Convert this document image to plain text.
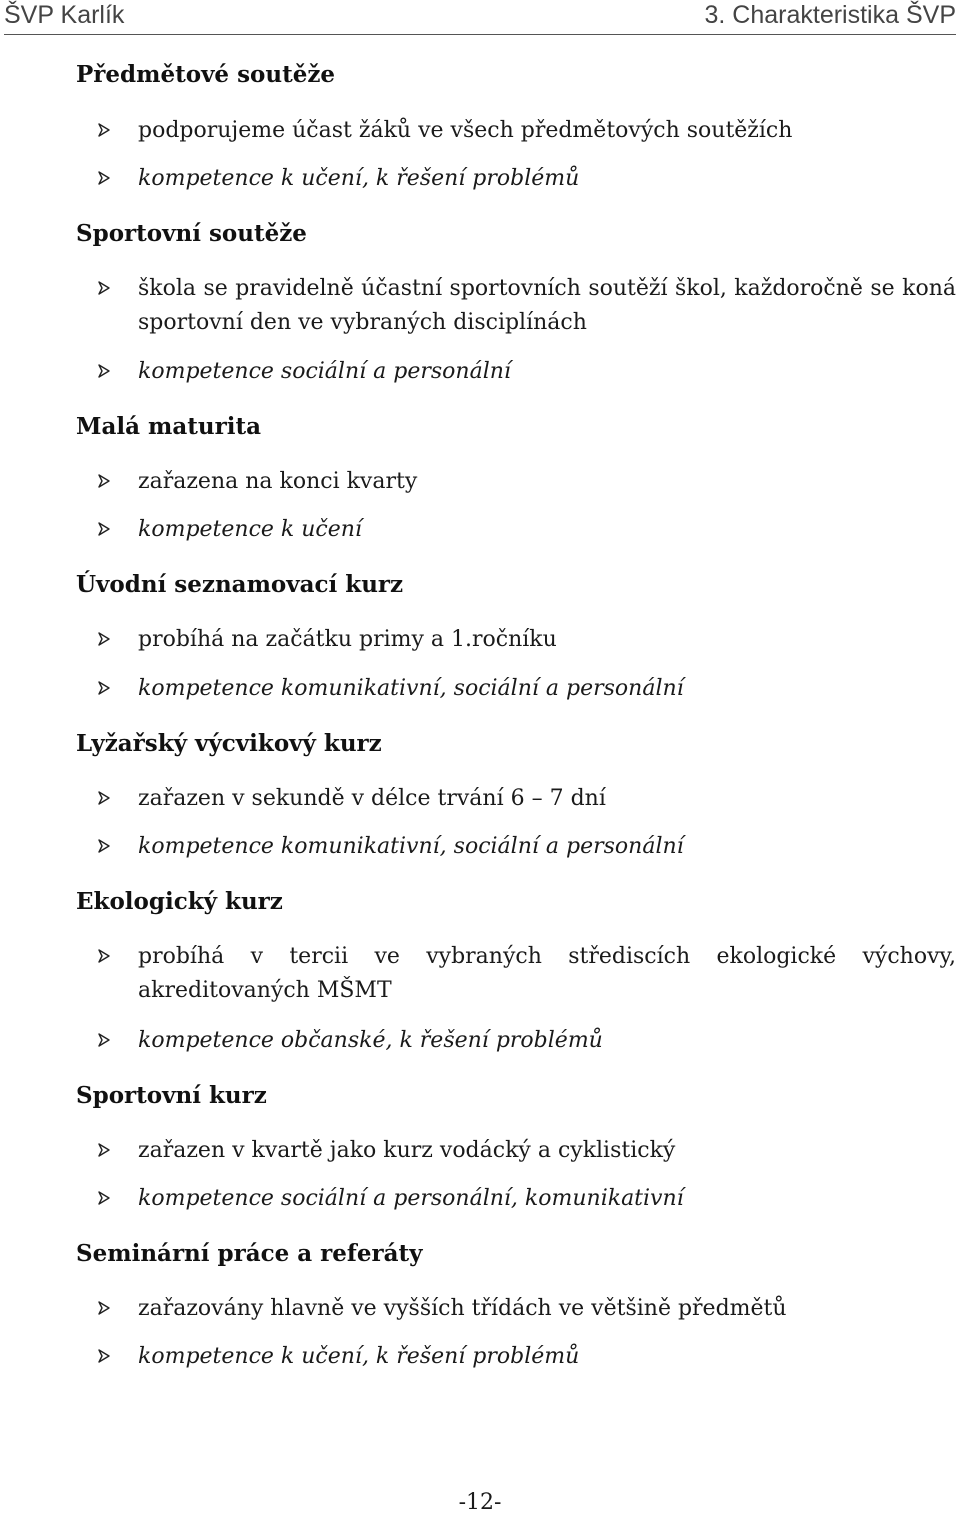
ŠVP Karlík	3. Charakteristika ŠVP
Předmětové soutěže
podporujeme účast žáků ve všech předmětových soutěžích
kompetence k učení, k řešení problémů
Sportovní soutěže
škola se pravidelně účastní sportovních soutěží škol, každoročně se koná sportovní den ve vybraných disciplínách
kompetence sociální a personální
Malá maturita
zařazena na konci kvarty
kompetence k učení
Úvodní seznamovací kurz
probíhá na začátku primy a 1.ročníku
kompetence komunikativní, sociální a personální
Lyžařský výcvikový kurz
zařazen v sekundě v délce trvání 6 – 7 dní
kompetence komunikativní, sociální a personální
Ekologický kurz
probíhá v tercii ve vybraných střediscích ekologické výchovy, akreditovaných MŠMT
kompetence občanské, k řešení problémů
Sportovní kurz
zařazen v kvartě jako kurz vodácký a cyklistický
kompetence sociální a personální, komunikativní
Seminární práce a referáty
zařazovány hlavně ve vyšších třídách ve většině předmětů
kompetence k učení, k řešení problémů
-12-
